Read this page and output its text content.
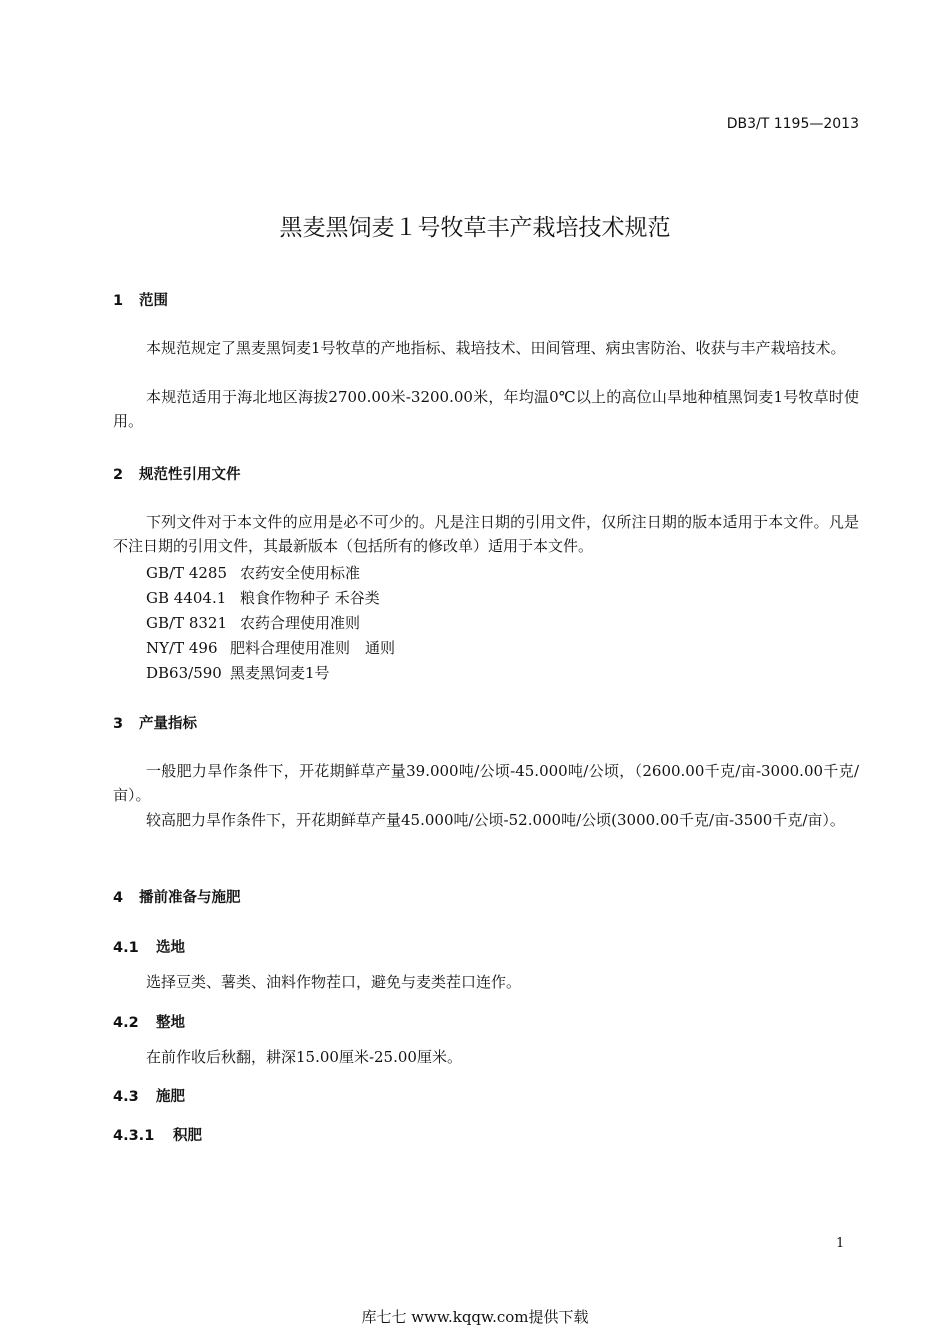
DB3/T 1195—2013
黑麦黑饲麦１号牧草丰产栽培技术规范
1 范围
本规范规定了黑麦黑饲麦1号牧草的产地指标、栽培技术、田间管理、病虫害防治、收获与丰产栽培技术。
本规范适用于海北地区海拔2700.00米-3200.00米，年均温0℃以上的高位山旱地种植黑饲麦1号牧草时使用。
2 规范性引用文件
下列文件对于本文件的应用是必不可少的。凡是注日期的引用文件，仅所注日期的版本适用于本文件。凡是不注日期的引用文件，其最新版本（包括所有的修改单）适用于本文件。
GB/T 4285 农药安全使用标准
GB 4404.1 粮食作物种子 禾谷类
GB/T 8321 农药合理使用准则
NY/T 496 肥料合理使用准则　通则
DB63/590 黑麦黑饲麦1号
3 产量指标
一般肥力旱作条件下，开花期鲜草产量39.000吨/公顷-45.000吨/公顷，（2600.00千克/亩-3000.00千克/亩）。
较高肥力旱作条件下，开花期鲜草产量45.000吨/公顷-52.000吨/公顷(3000.00千克/亩-3500千克/亩）。
4 播前准备与施肥
4.1 选地
选择豆类、薯类、油料作物茬口，避免与麦类茬口连作。
4.2 整地
在前作收后秋翻，耕深15.00厘米-25.00厘米。
4.3 施肥
4.3.1 积肥
1
库七七 www.kqqw.com提供下载
